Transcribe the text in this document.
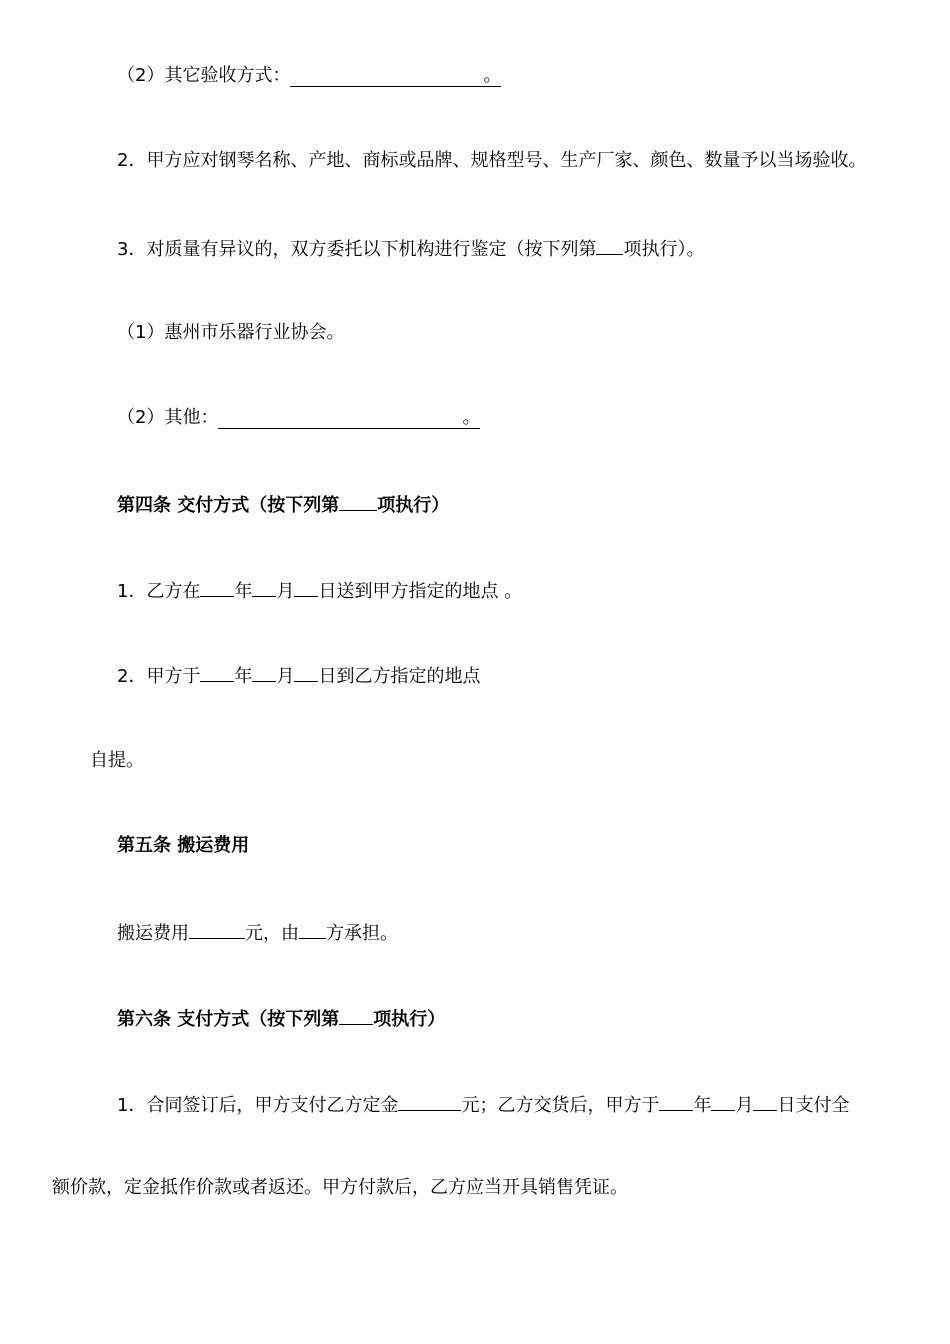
（2）其它验收方式：	。
2．甲方应对钢琴名称、产地、商标或品牌、规格型号、生产厂家、颜色、数量予以当场验收。
3．对质量有异议的，双方委托以下机构进行鉴定（按下列第 项执行）。
（1）惠州市乐器行业协会。
（2）其他：	。
第四条 交付方式（按下列第 项执行）
1．乙方在 年 月 日送到甲方指定的地点 。
2．甲方于 年 月 日到乙方指定的地点
自提。
第五条 搬运费用
搬运费用	元，由 方承担。
第六条 支付方式（按下列第 项执行）
1．合同签订后，甲方支付乙方定金	元；乙方交货后，甲方于 年 月 日支付全
额价款，定金抵作价款或者返还。甲方付款后，乙方应当开具销售凭证。
